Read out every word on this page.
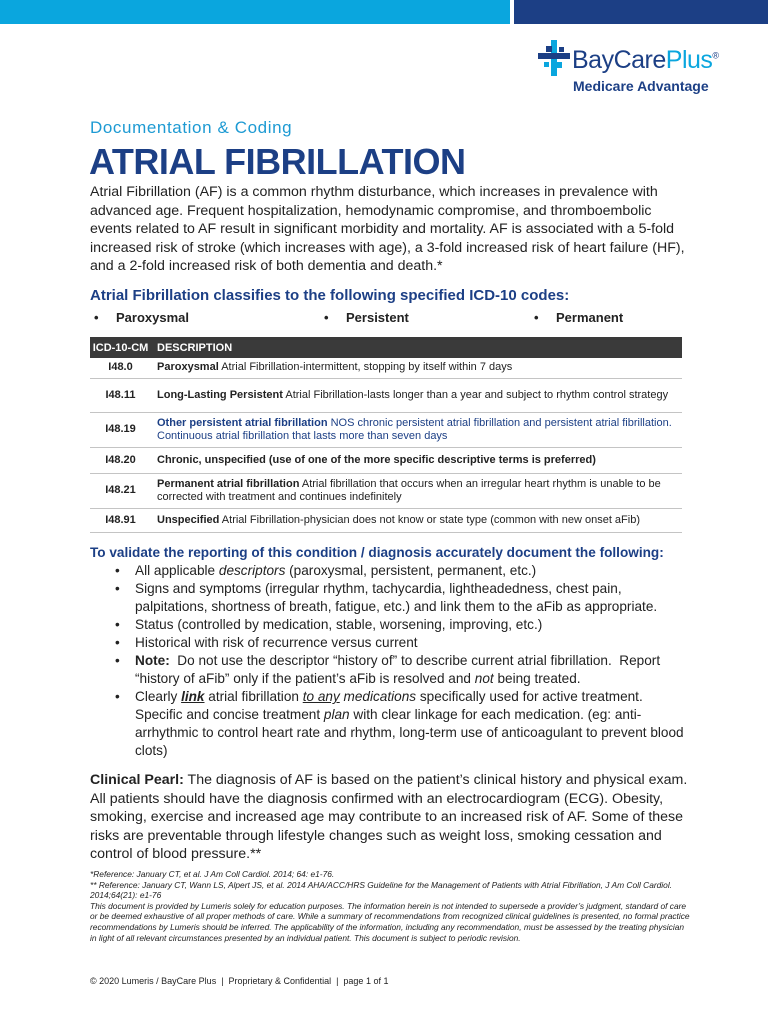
BayCarePlus®
Medicare Advantage
Documentation & Coding
ATRIAL FIBRILLATION
Atrial Fibrillation (AF) is a common rhythm disturbance, which increases in prevalence with advanced age. Frequent hospitalization, hemodynamic compromise, and thromboembolic events related to AF result in significant morbidity and mortality. AF is associated with a 5-fold increased risk of stroke (which increases with age), a 3-fold increased risk of heart failure (HF), and a 2-fold increased risk of both dementia and death.*
Atrial Fibrillation classifies to the following specified ICD-10 codes:
• Paroxysmal	• Persistent	• Permanent
ICD-10-CM	DESCRIPTION
I48.0	Paroxysmal Atrial Fibrillation-intermittent, stopping by itself within 7 days
I48.11	Long-Lasting Persistent Atrial Fibrillation-lasts longer than a year and subject to rhythm control strategy
I48.19	Other persistent atrial fibrillation NOS chronic persistent atrial fibrillation and persistent atrial fibrillation. Continuous atrial fibrillation that lasts more than seven days
I48.20	Chronic, unspecified (use of one of the more specific descriptive terms is preferred)
I48.21	Permanent atrial fibrillation Atrial fibrillation that occurs when an irregular heart rhythm is unable to be corrected with treatment and continues indefinitely
I48.91	Unspecified Atrial Fibrillation-physician does not know or state type (common with new onset aFib)
To validate the reporting of this condition / diagnosis accurately document the following:
• All applicable descriptors (paroxysmal, persistent, permanent, etc.)
• Signs and symptoms (irregular rhythm, tachycardia, lightheadedness, chest pain, palpitations, shortness of breath, fatigue, etc.) and link them to the aFib as appropriate.
• Status (controlled by medication, stable, worsening, improving, etc.)
• Historical with risk of recurrence versus current
• Note:  Do not use the descriptor “history of” to describe current atrial fibrillation.  Report “history of aFib” only if the patient’s aFib is resolved and not being treated.
• Clearly link atrial fibrillation to any medications specifically used for active treatment. Specific and concise treatment plan with clear linkage for each medication. (eg: anti-arrhythmic to control heart rate and rhythm, long-term use of anticoagulant to prevent blood clots)
Clinical Pearl: The diagnosis of AF is based on the patient’s clinical history and physical exam. All patients should have the diagnosis confirmed with an electrocardiogram (ECG). Obesity, smoking, exercise and increased age may contribute to an increased risk of AF. Some of these risks are preventable through lifestyle changes such as weight loss, smoking cessation and control of blood pressure.**
*Reference: January CT, et al. J Am Coll Cardiol. 2014; 64: e1-76.
** Reference: January CT, Wann LS, Alpert JS, et al. 2014 AHA/ACC/HRS Guideline for the Management of Patients with Atrial Fibrillation, J Am Coll Cardiol. 2014;64(21): e1-76
This document is provided by Lumeris solely for education purposes. The information herein is not intended to supersede a provider’s judgment, standard of care or be deemed exhaustive of all proper methods of care. While a summary of recommendations from recognized clinical guidelines is presented, no formal practice recommendations by Lumeris should be inferred. The applicability of the information, including any recommendation, must be assessed by the treating physician in light of all relevant circumstances presented by an individual patient. This document is subject to periodic revision.
© 2020 Lumeris / BayCare Plus  |  Proprietary & Confidential  |  page 1 of 1
